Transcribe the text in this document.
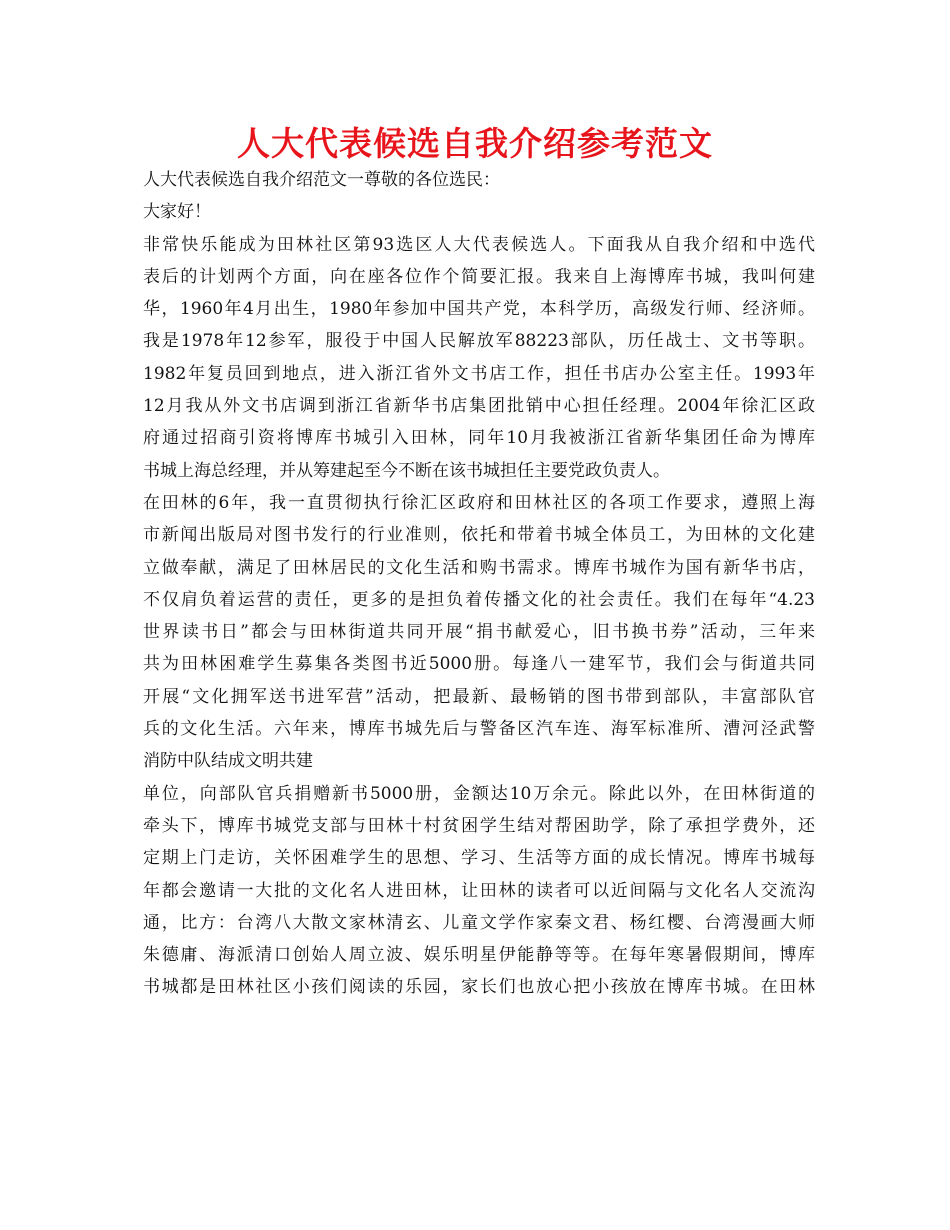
人大代表候选自我介绍参考范文
人大代表候选自我介绍范文一尊敬的各位选民：
大家好！
非常快乐能成为田林社区第93选区人大代表候选人。下面我从自我介绍和中选代
表后的计划两个方面，向在座各位作个简要汇报。我来自上海博库书城，我叫何建
华，1960年4月出生，1980年参加中国共产党，本科学历，高级发行师、经济师。
我是1978年12参军，服役于中国人民解放军88223部队，历任战士、文书等职。
1982年复员回到地点，进入浙江省外文书店工作，担任书店办公室主任。1993年
12月我从外文书店调到浙江省新华书店集团批销中心担任经理。2004年徐汇区政
府通过招商引资将博库书城引入田林，同年10月我被浙江省新华集团任命为博库
书城上海总经理，并从筹建起至今不断在该书城担任主要党政负责人。
在田林的6年，我一直贯彻执行徐汇区政府和田林社区的各项工作要求，遵照上海
市新闻出版局对图书发行的行业准则，依托和带着书城全体员工，为田林的文化建
立做奉献，满足了田林居民的文化生活和购书需求。博库书城作为国有新华书店，
不仅肩负着运营的责任，更多的是担负着传播文化的社会责任。我们在每年“4.23
世界读书日”都会与田林街道共同开展“捐书献爱心，旧书换书券”活动，三年来
共为田林困难学生募集各类图书近5000册。每逢八一建军节，我们会与街道共同
开展“文化拥军送书进军营”活动，把最新、最畅销的图书带到部队，丰富部队官
兵的文化生活。六年来，博库书城先后与警备区汽车连、海军标准所、漕河泾武警
消防中队结成文明共建
单位，向部队官兵捐赠新书5000册，金额达10万余元。除此以外，在田林街道的
牵头下，博库书城党支部与田林十村贫困学生结对帮困助学，除了承担学费外，还
定期上门走访，关怀困难学生的思想、学习、生活等方面的成长情况。博库书城每
年都会邀请一大批的文化名人进田林，让田林的读者可以近间隔与文化名人交流沟
通，比方：台湾八大散文家林清玄、儿童文学作家秦文君、杨红樱、台湾漫画大师
朱德庸、海派清口创始人周立波、娱乐明星伊能静等等。在每年寒暑假期间，博库
书城都是田林社区小孩们阅读的乐园，家长们也放心把小孩放在博库书城。在田林
